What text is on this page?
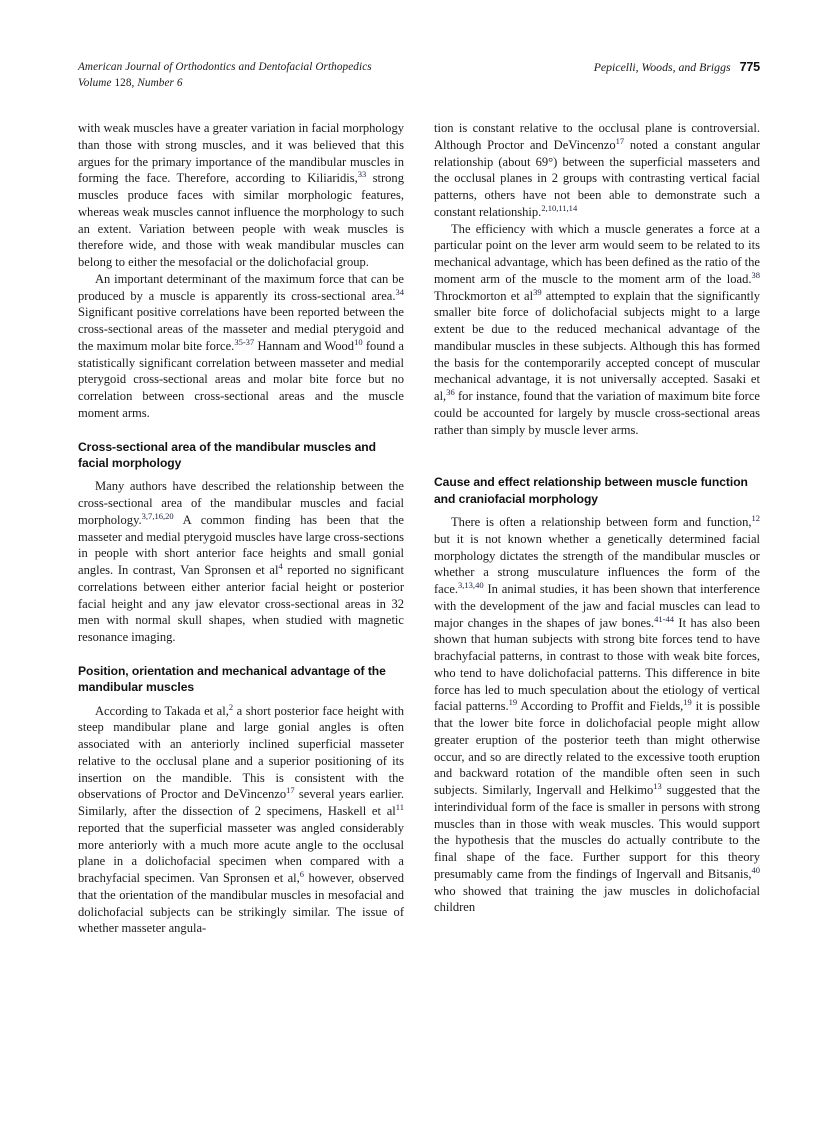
American Journal of Orthodontics and Dentofacial Orthopedics
Volume 128, Number 6
Pepicelli, Woods, and Briggs 775

with weak muscles have a greater variation in facial morphology than those with strong muscles, and it was believed that this argues for the primary importance of the mandibular muscles in forming the face. Therefore, according to Kiliaridis,$^{33}$ strong muscles produce faces with similar morphologic features, whereas weak muscles cannot influence the morphology to such an extent. Variation between people with weak muscles is therefore wide, and those with weak mandibular muscles can belong to either the mesofacial or the dolichofacial group.

An important determinant of the maximum force that can be produced by a muscle is apparently its cross-sectional area.$^{34}$ Significant positive correlations have been reported between the cross-sectional areas of the masseter and medial pterygoid and the maximum molar bite force.$^{35-37}$ Hannam and Wood$^{10}$ found a statistically significant correlation between masseter and medial pterygoid cross-sectional areas and molar bite force but no correlation between cross-sectional areas and the muscle moment arms.

Cross-sectional area of the mandibular muscles and facial morphology

Many authors have described the relationship between the cross-sectional area of the mandibular muscles and facial morphology.$^{3,7,16,20}$ A common finding has been that the masseter and medial pterygoid muscles have large cross-sections in people with short anterior face heights and small gonial angles. In contrast, Van Spronsen et $al^4$ reported no significant correlations between either anterior facial height or posterior facial height and any jaw elevator cross-sectional areas in 32 men with normal skull shapes, when studied with magnetic resonance imaging.

Position, orientation and mechanical advantage of the mandibular muscles

According to Takada et al,$^2$ a short posterior face height with steep mandibular plane and large gonial angles is often associated with an anteriorly inclined superficial masseter relative to the occlusal plane and a superior positioning of its insertion on the mandible. This is consistent with the observations of Proctor and DeVincenzo$^{17}$ several years earlier. Similarly, after the dissection of 2 specimens, Haskell et $al^{11}$ reported that the superficial masseter was angled considerably more anteriorly with a much more acute angle to the occlusal plane in a dolichofacial specimen when compared with a brachyfacial specimen. Van Spronsen et al,$^6$ however, observed that the orientation of the mandibular muscles in mesofacial and dolichofacial subjects can be strikingly similar. The issue of whether masseter angula-

tion is constant relative to the occlusal plane is controversial. Although Proctor and DeVincenzo$^{17}$ noted a constant angular relationship (about 69°) between the superficial masseters and the occlusal planes in 2 groups with contrasting vertical facial patterns, others have not been able to demonstrate such a constant relationship.$^{2,10,11,14}$

The efficiency with which a muscle generates a force at a particular point on the lever arm would seem to be related to its mechanical advantage, which has been defined as the ratio of the moment arm of the muscle to the moment arm of the load.$^{38}$ Throckmorton et $al^{39}$ attempted to explain that the significantly smaller bite force of dolichofacial subjects might to a large extent be due to the reduced mechanical advantage of the mandibular muscles in these subjects. Although this has formed the basis for the contemporarily accepted concept of muscular mechanical advantage, it is not universally accepted. Sasaki et al,$^{36}$ for instance, found that the variation of maximum bite force could be accounted for largely by muscle cross-sectional areas rather than simply by muscle lever arms.

Cause and effect relationship between muscle function and craniofacial morphology

There is often a relationship between form and function,$^{12}$ but it is not known whether a genetically determined facial morphology dictates the strength of the mandibular muscles or whether a strong musculature influences the form of the face.$^{3,13,40}$ In animal studies, it has been shown that interference with the development of the jaw and facial muscles can lead to major changes in the shapes of jaw bones.$^{41-44}$ It has also been shown that human subjects with strong bite forces tend to have brachyfacial patterns, in contrast to those with weak bite forces, who tend to have dolichofacial patterns. This difference in bite force has led to much speculation about the etiology of vertical facial patterns.$^{19}$ According to Proffit and Fields,$^{19}$ it is possible that the lower bite force in dolichofacial people might allow greater eruption of the posterior teeth than might otherwise occur, and so are directly related to the excessive tooth eruption and backward rotation of the mandible often seen in such subjects. Similarly, Ingervall and Helkimo$^{13}$ suggested that the interindividual form of the face is smaller in persons with strong muscles than in those with weak muscles. This would support the hypothesis that the muscles do actually contribute to the final shape of the face. Further support for this theory presumably came from the findings of Ingervall and Bitsanis,$^{40}$ who showed that training the jaw muscles in dolichofacial children
